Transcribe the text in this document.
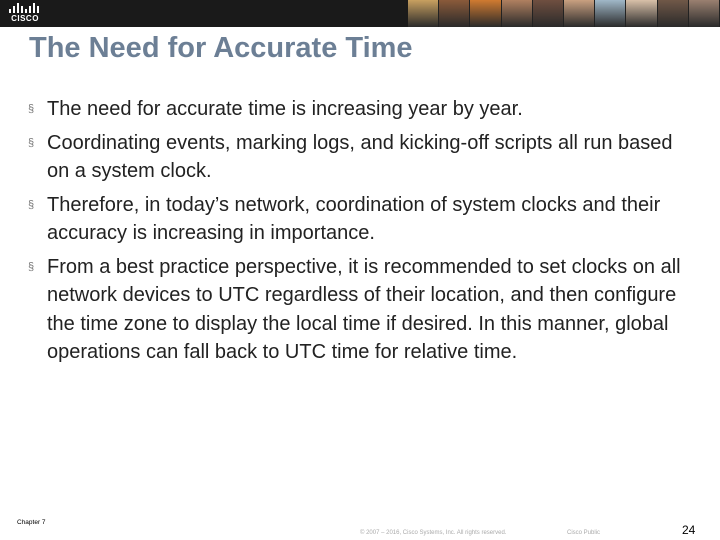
CISCO
The Need for Accurate Time
§ The need for accurate time is increasing year by year.
§ Coordinating events, marking logs, and kicking-off scripts all run based on a system clock.
§ Therefore, in today’s network, coordination of system clocks and their accuracy is increasing in importance.
§ From a best practice perspective, it is recommended to set clocks on all network devices to UTC regardless of their location, and then configure the time zone to display the local time if desired. In this manner, global operations can fall back to UTC time for relative time.
Chapter 7
© 2007 – 2016, Cisco Systems, Inc. All rights reserved.	Cisco Public	24
